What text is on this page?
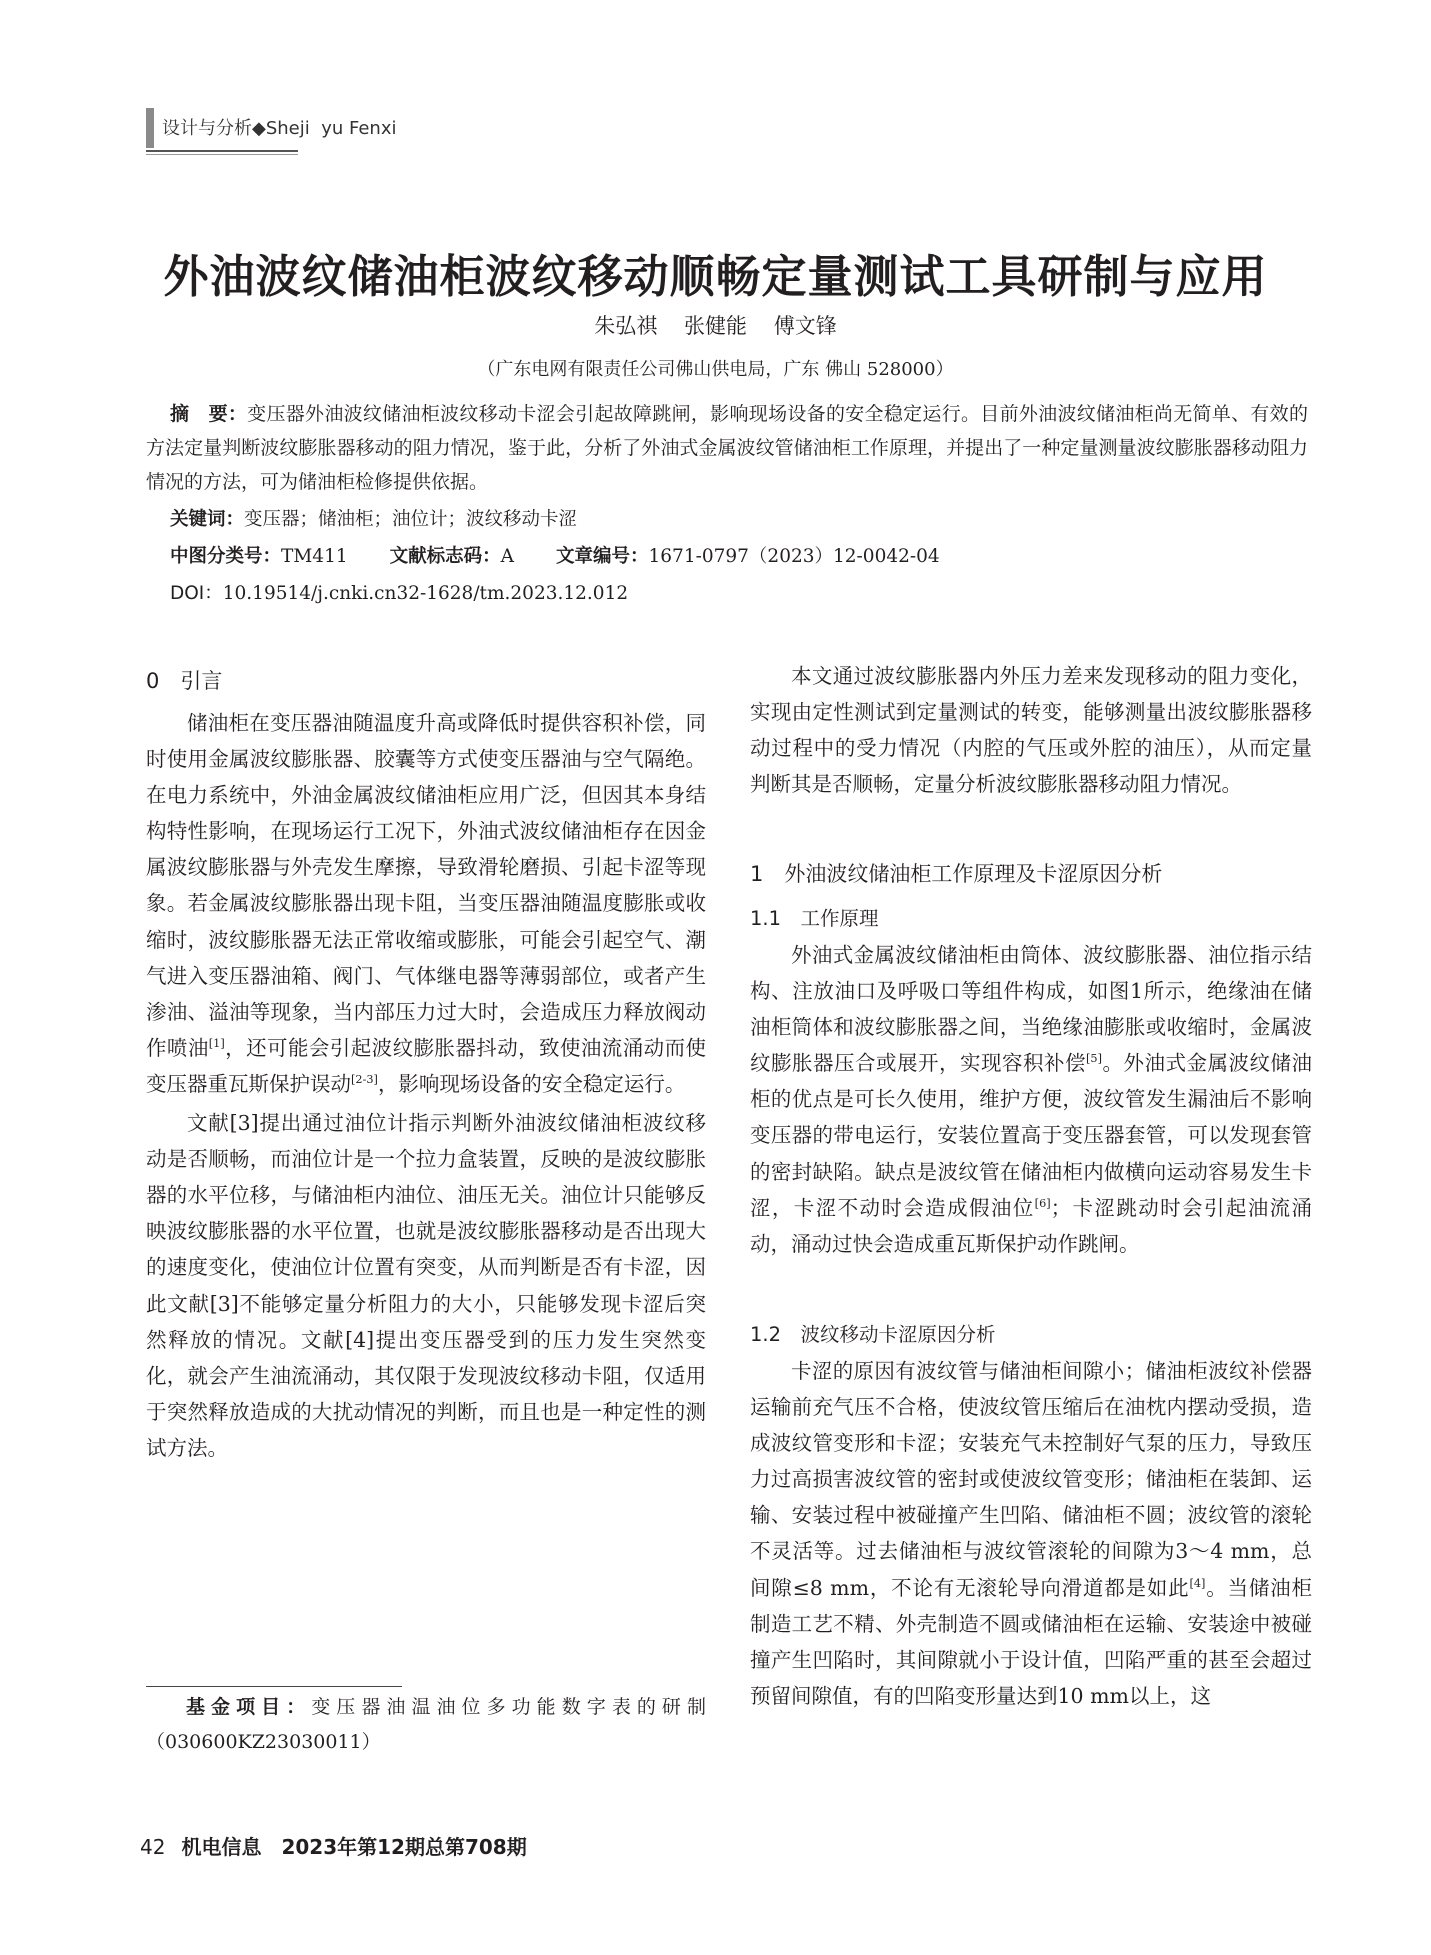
设计与分析◆Sheji  yu Fenxi
外油波纹储油柜波纹移动顺畅定量测试工具研制与应用
朱弘祺    张健能    傅文锋
（广东电网有限责任公司佛山供电局，广东 佛山 528000）
摘　要：变压器外油波纹储油柜波纹移动卡涩会引起故障跳闸，影响现场设备的安全稳定运行。目前外油波纹储油柜尚无简单、有效的方法定量判断波纹膨胀器移动的阻力情况，鉴于此，分析了外油式金属波纹管储油柜工作原理，并提出了一种定量测量波纹膨胀器移动阻力情况的方法，可为储油柜检修提供依据。
关键词：变压器；储油柜；油位计；波纹移动卡涩
中图分类号：TM411 文献标志码：A 文章编号：1671-0797（2023）12-0042-04
DOI：10.19514/j.cnki.cn32-1628/tm.2023.12.012
0　引言

储油柜在变压器油随温度升高或降低时提供容积补偿，同时使用金属波纹膨胀器、胶囊等方式使变压器油与空气隔绝。在电力系统中，外油金属波纹储油柜应用广泛，但因其本身结构特性影响，在现场运行工况下，外油式波纹储油柜存在因金属波纹膨胀器与外壳发生摩擦，导致滑轮磨损、引起卡涩等现象。若金属波纹膨胀器出现卡阻，当变压器油随温度膨胀或收缩时，波纹膨胀器无法正常收缩或膨胀，可能会引起空气、潮气进入变压器油箱、阀门、气体继电器等薄弱部位，或者产生渗油、溢油等现象，当内部压力过大时，会造成压力释放阀动作喷油[1]，还可能会引起波纹膨胀器抖动，致使油流涌动而使变压器重瓦斯保护误动[2-3]，影响现场设备的安全稳定运行。

文献[3]提出通过油位计指示判断外油波纹储油柜波纹移动是否顺畅，而油位计是一个拉力盒装置，反映的是波纹膨胀器的水平位移，与储油柜内油位、油压无关。油位计只能够反映波纹膨胀器的水平位置，也就是波纹膨胀器移动是否出现大的速度变化，使油位计位置有突变，从而判断是否有卡涩，因此文献[3]不能够定量分析阻力的大小，只能够发现卡涩后突然释放的情况。文献[4]提出变压器受到的压力发生突然变化，就会产生油流涌动，其仅限于发现波纹移动卡阻，仅适用于突然释放造成的大扰动情况的判断，而且也是一种定性的测试方法。

基金项目：变压器油温油位多功能数字表的研制（030600KZ23030011）

本文通过波纹膨胀器内外压力差来发现移动的阻力变化，实现由定性测试到定量测试的转变，能够测量出波纹膨胀器移动过程中的受力情况（内腔的气压或外腔的油压），从而定量判断其是否顺畅，定量分析波纹膨胀器移动阻力情况。

1　外油波纹储油柜工作原理及卡涩原因分析
1.1　工作原理

外油式金属波纹储油柜由筒体、波纹膨胀器、油位指示结构、注放油口及呼吸口等组件构成，如图1所示，绝缘油在储油柜筒体和波纹膨胀器之间，当绝缘油膨胀或收缩时，金属波纹膨胀器压合或展开，实现容积补偿[5]。外油式金属波纹储油柜的优点是可长久使用，维护方便，波纹管发生漏油后不影响变压器的带电运行，安装位置高于变压器套管，可以发现套管的密封缺陷。缺点是波纹管在储油柜内做横向运动容易发生卡涩，卡涩不动时会造成假油位[6]；卡涩跳动时会引起油流涌动，涌动过快会造成重瓦斯保护动作跳闸。

1.2　波纹移动卡涩原因分析

卡涩的原因有波纹管与储油柜间隙小；储油柜波纹补偿器运输前充气压不合格，使波纹管压缩后在油枕内摆动受损，造成波纹管变形和卡涩；安装充气未控制好气泵的压力，导致压力过高损害波纹管的密封或使波纹管变形；储油柜在装卸、运输、安装过程中被碰撞产生凹陷、储油柜不圆；波纹管的滚轮不灵活等。过去储油柜与波纹管滚轮的间隙为3～4 mm，总间隙≤8 mm，不论有无滚轮导向滑道都是如此[4]。当储油柜制造工艺不精、外壳制造不圆或储油柜在运输、安装途中被碰撞产生凹陷时，其间隙就小于设计值，凹陷严重的甚至会超过预留间隙值，有的凹陷变形量达到10 mm以上，这

42 机电信息　2023年第12期总第708期
